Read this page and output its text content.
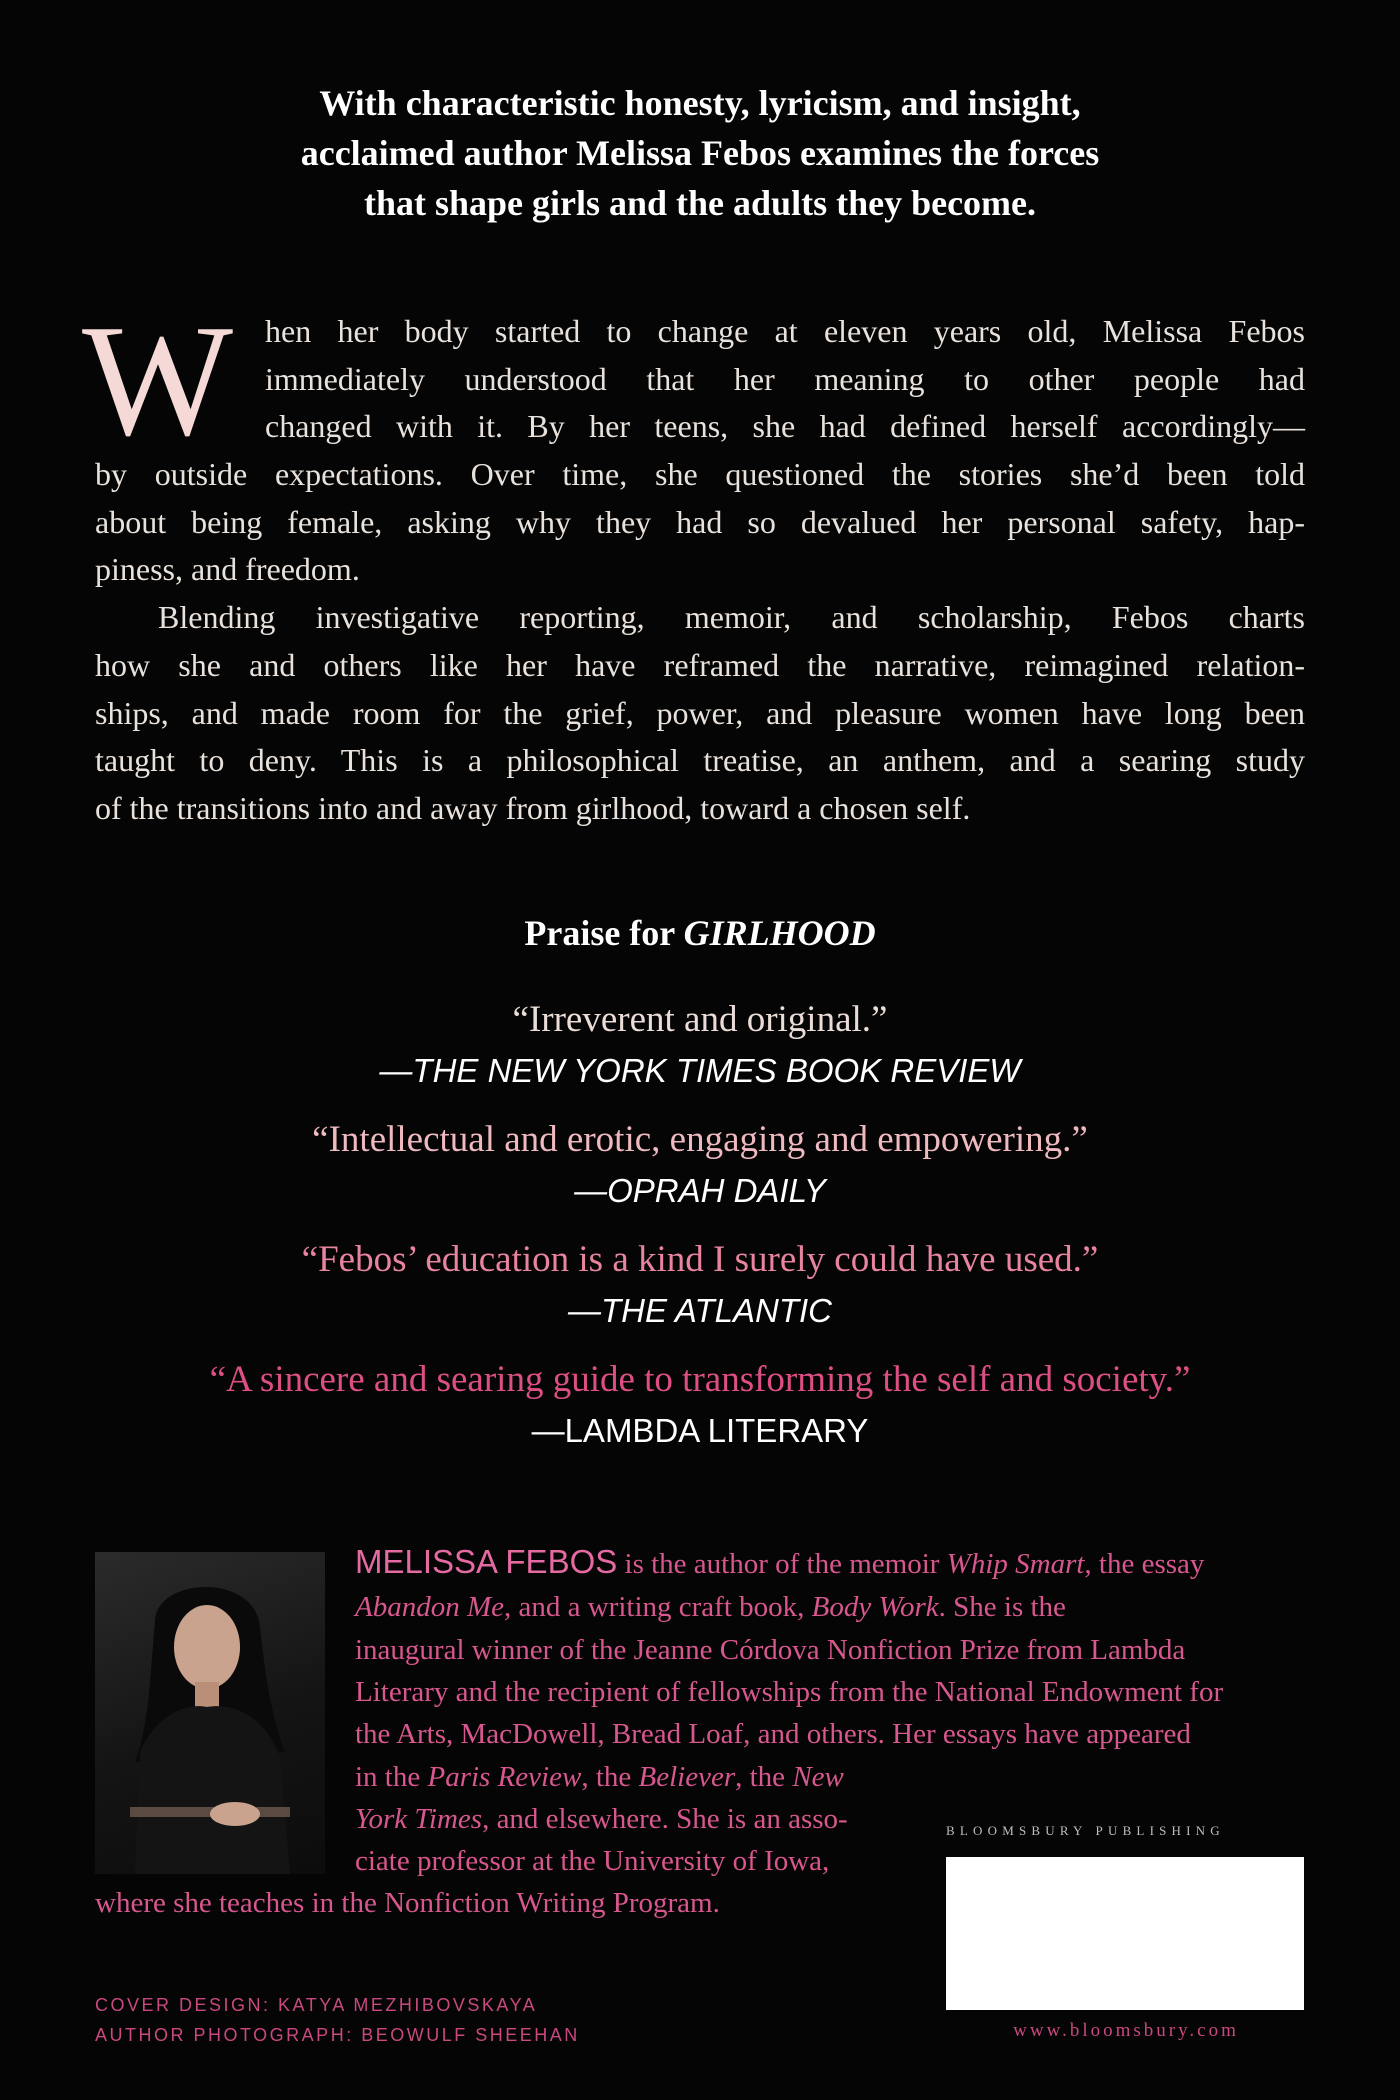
With characteristic honesty, lyricism, and insight,
acclaimed author Melissa Febos examines the forces
that shape girls and the adults they become.
W hen her body started to change at eleven years old, Melissa Febos
immediately understood that her meaning to other people had
changed with it. By her teens, she had defined herself accordingly—
by outside expectations. Over time, she questioned the stories she’d been told
about being female, asking why they had so devalued her personal safety, hap-
piness, and freedom.
Blending investigative reporting, memoir, and scholarship, Febos charts
how she and others like her have reframed the narrative, reimagined relation-
ships, and made room for the grief, power, and pleasure women have long been
taught to deny. This is a philosophical treatise, an anthem, and a searing study
of the transitions into and away from girlhood, toward a chosen self.
Praise for GIRLHOOD
“Irreverent and original.”
—THE NEW YORK TIMES BOOK REVIEW
“Intellectual and erotic, engaging and empowering.”
—OPRAH DAILY
“Febos’ education is a kind I surely could have used.”
—THE ATLANTIC
“A sincere and searing guide to transforming the self and society.”
—LAMBDA LITERARY
MELISSA FEBOS is the author of the memoir Whip Smart, the essay
Abandon Me, and a writing craft book, Body Work. She is the
inaugural winner of the Jeanne Córdova Nonfiction Prize from Lambda
Literary and the recipient of fellowships from the National Endowment for
the Arts, MacDowell, Bread Loaf, and others. Her essays have appeared
in the Paris Review, the Believer, the New
York Times, and elsewhere. She is an asso-
ciate professor at the University of Iowa,
where she teaches in the Nonfiction Writing Program.
COVER DESIGN: KATYA MEZHIBOVSKAYA
AUTHOR PHOTOGRAPH: BEOWULF SHEEHAN
BLOOMSBURY PUBLISHING
www.bloomsbury.com
